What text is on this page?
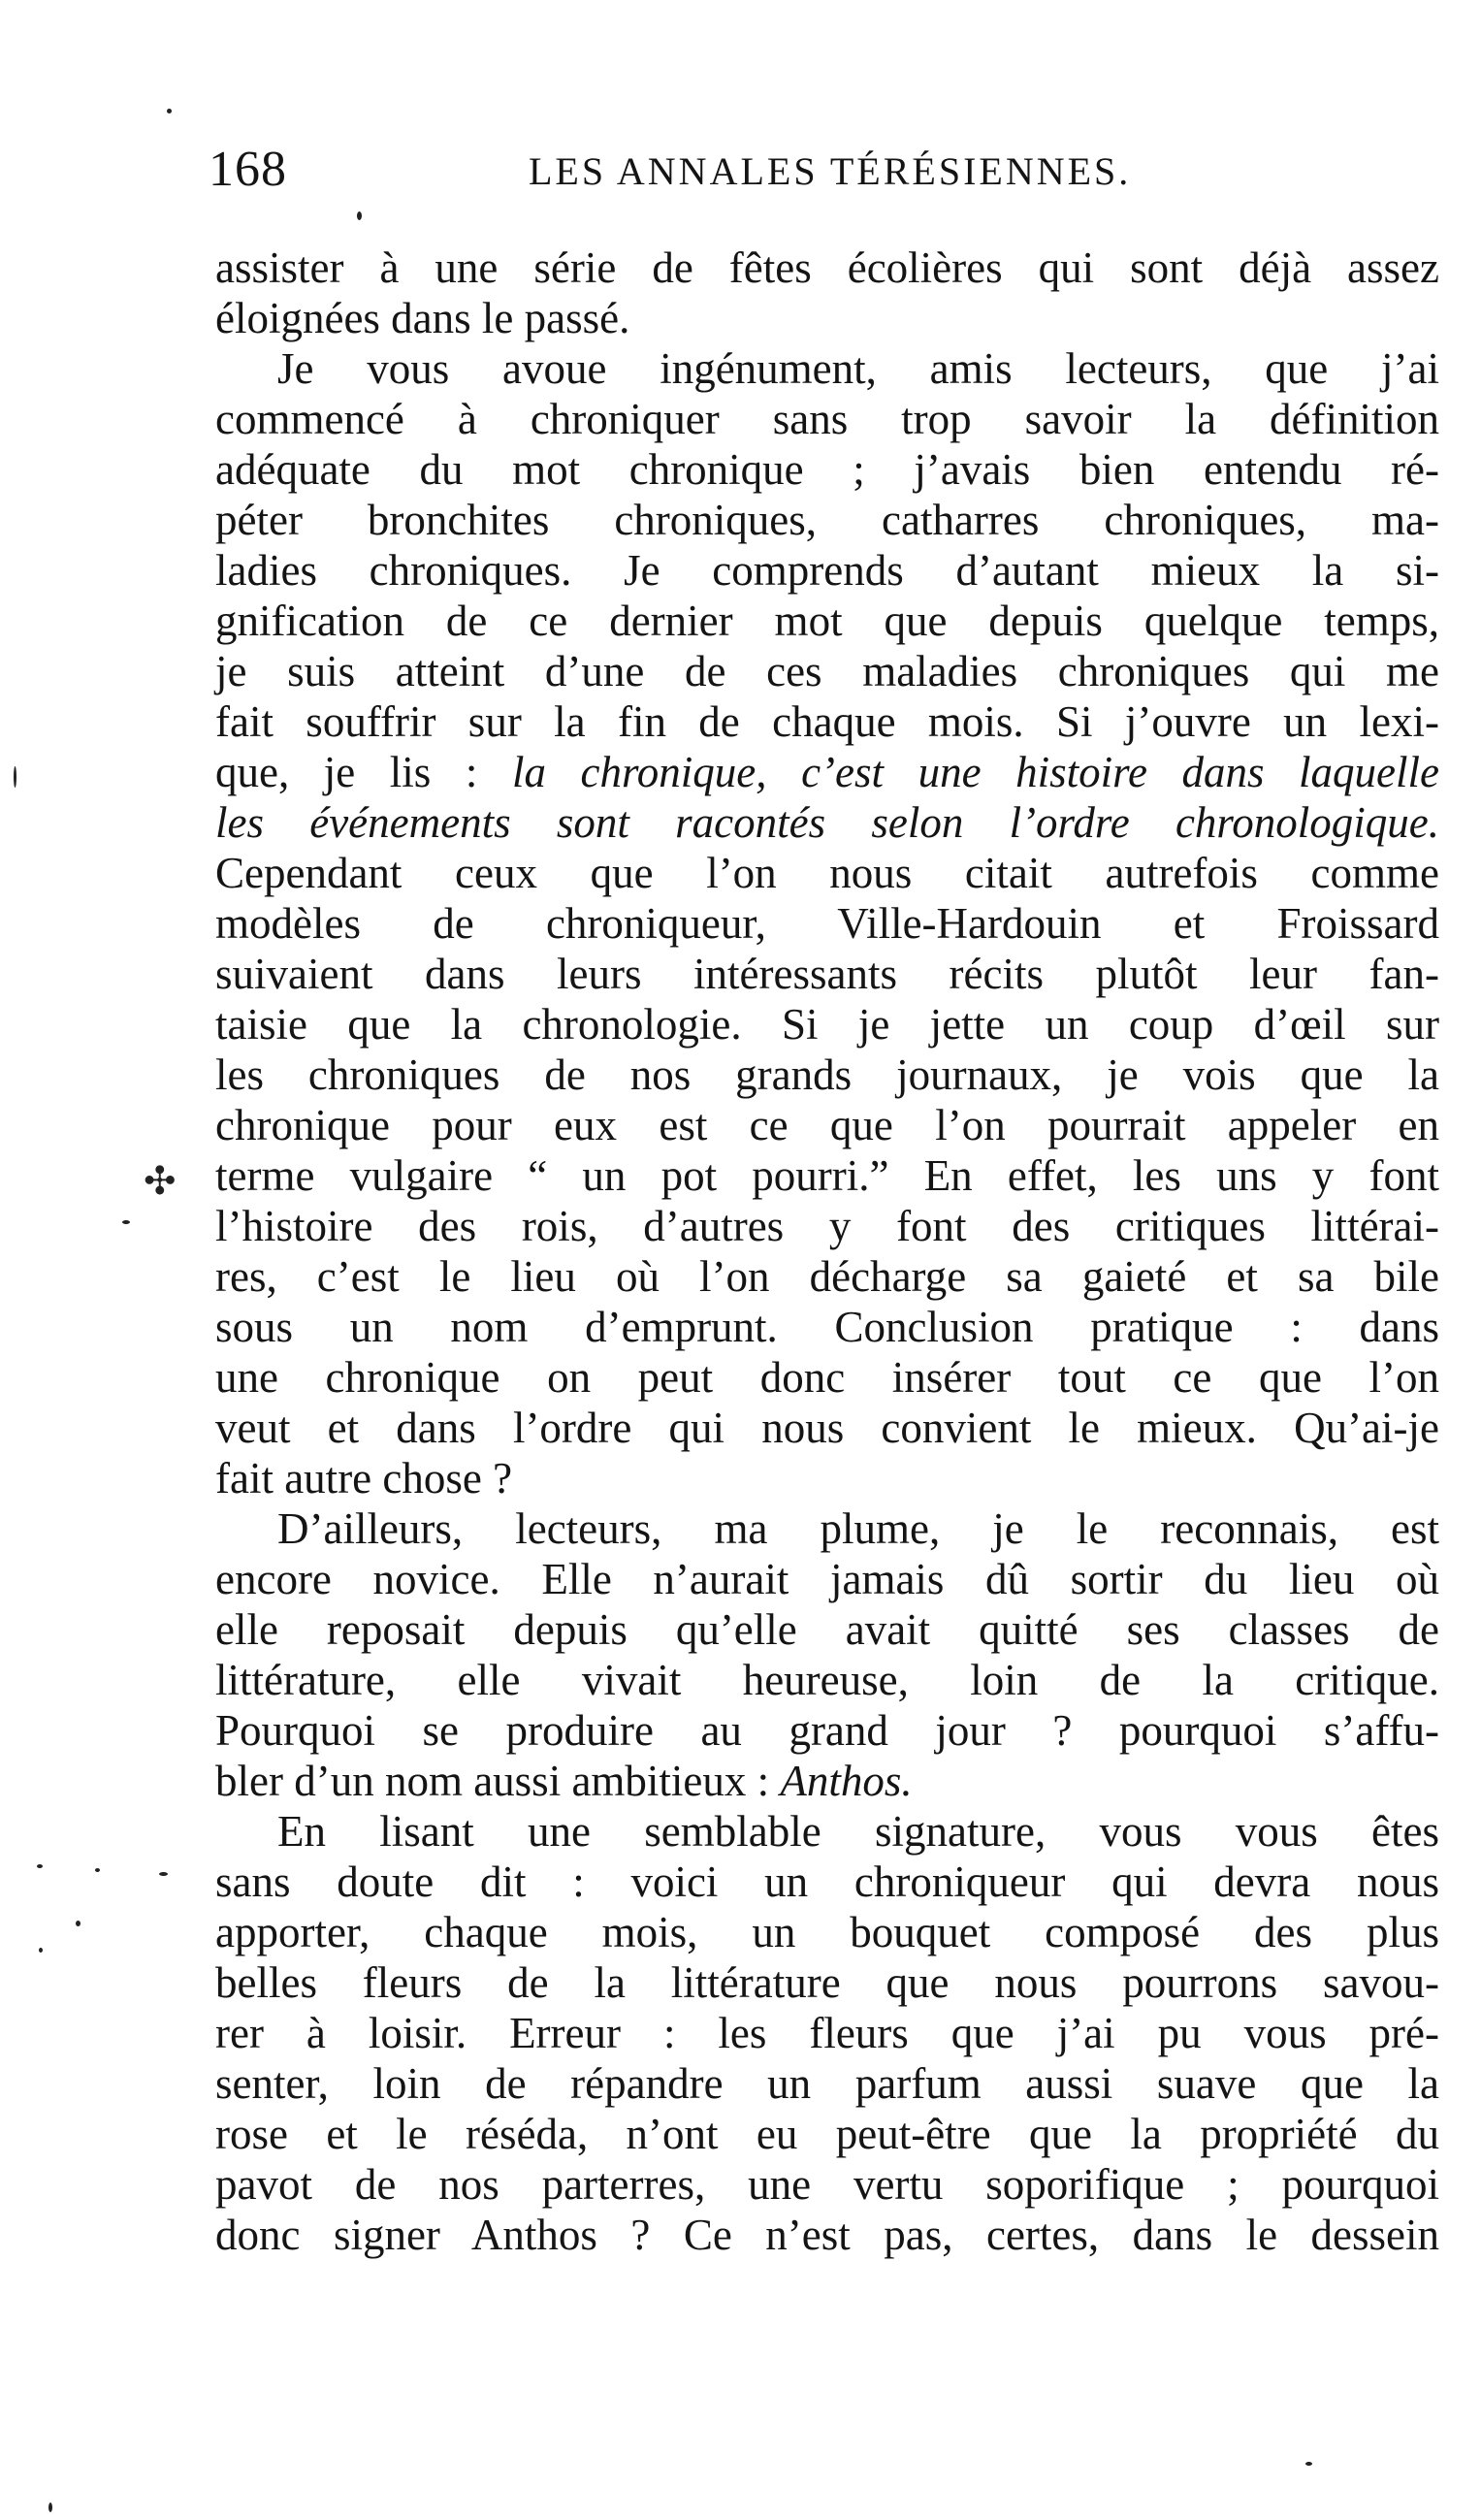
168	LES ANNALES TÉRÉSIENNES.
assister à une série de fêtes écolières qui sont déjà assez
éloignées dans le passé.
Je vous avoue ingénument, amis lecteurs, que j’ai
commencé à chroniquer sans trop savoir la définition
adéquate du mot chronique ; j’avais bien entendu ré-
péter bronchites chroniques, catharres chroniques, ma-
ladies chroniques. Je comprends d’autant mieux la si-
gnification de ce dernier mot que depuis quelque temps,
je suis atteint d’une de ces maladies chroniques qui me
fait souffrir sur la fin de chaque mois. Si j’ouvre un lexi-
que, je lis : la chronique, c’est une histoire dans laquelle
les événements sont racontés selon l’ordre chronologique.
Cependant ceux que l’on nous citait autrefois comme
modèles de chroniqueur, Ville-Hardouin et Froissard
suivaient dans leurs intéressants récits plutôt leur fan-
taisie que la chronologie. Si je jette un coup d’œil sur
les chroniques de nos grands journaux, je vois que la
chronique pour eux est ce que l’on pourrait appeler en
terme vulgaire “ un pot pourri.” En effet, les uns y font
l’histoire des rois, d’autres y font des critiques littérai-
res, c’est le lieu où l’on décharge sa gaieté et sa bile
sous un nom d’emprunt. Conclusion pratique : dans
une chronique on peut donc insérer tout ce que l’on
veut et dans l’ordre qui nous convient le mieux. Qu’ai-je
fait autre chose ?
D’ailleurs, lecteurs, ma plume, je le reconnais, est
encore novice. Elle n’aurait jamais dû sortir du lieu où
elle reposait depuis qu’elle avait quitté ses classes de
littérature, elle vivait heureuse, loin de la critique.
Pourquoi se produire au grand jour ? pourquoi s’affu-
bler d’un nom aussi ambitieux : Anthos.
En lisant une semblable signature, vous vous êtes
sans doute dit : voici un chroniqueur qui devra nous
apporter, chaque mois, un bouquet composé des plus
belles fleurs de la littérature que nous pourrons savou-
rer à loisir. Erreur : les fleurs que j’ai pu vous pré-
senter, loin de répandre un parfum aussi suave que la
rose et le réséda, n’ont eu peut-être que la propriété du
pavot de nos parterres, une vertu soporifique ; pourquoi
donc signer Anthos ? Ce n’est pas, certes, dans le dessein
✣
